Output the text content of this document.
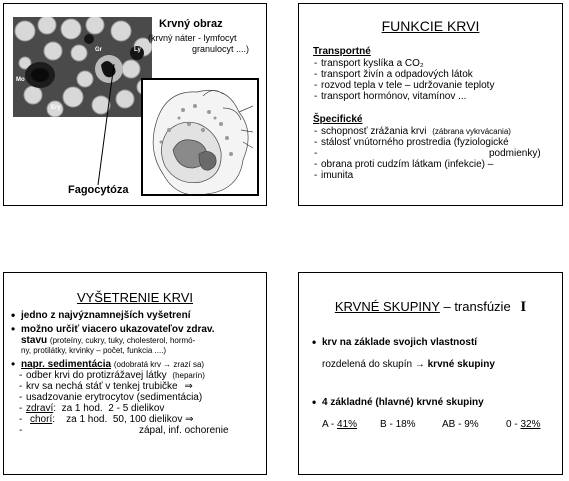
Gr	Ly
Mo
Ery
Krvný obraz
(krvný náter - lymfocyt
granulocyt ....)
Fagocytóza
FUNKCIE KRVI
Transportné
- transport kyslíka a CO₂
- transport živín a odpadových látok
- rozvod tepla v tele – udržovanie teploty
- transport hormónov, vitamínov ...
Špecifické
- schopnosť zrážania krvi (zábrana vykrvácania)
- stálosť vnútorného prostredia (fyziologické
- podmienky)
- obrana proti cudzím látkam (infekcie) –
- imunita
VYŠETRENIE KRVI
• jedno z najvýznamnejších vyšetrení
• možno určiť viacero ukazovateľov zdrav.
stavu (proteíny, cukry, tuky, cholesterol, hormó-
ny, protilátky, krvinky – počet, funkcia ....)
• napr. sedimentácia (odobratá krv → zrazí sa)
- odber krvi do protizrážavej látky (heparín)
- krv sa nechá stáť v tenkej trubičke ⇒
- usadzovanie erytrocytov (sedimentácia)
- zdraví:  za 1 hod.  2 - 5 dielikov
- chorí:    za 1 hod.  50, 100 dielikov ⇒
- zápal, inf. ochorenie
KRVNÉ SKUPINY – transfúzie I
• krv na základe svojich vlastností
rozdelená do skupín → krvné skupiny
• 4 základné (hlavné) krvné skupiny
A - 41% B - 18%	AB - 9%	0 - 32%
